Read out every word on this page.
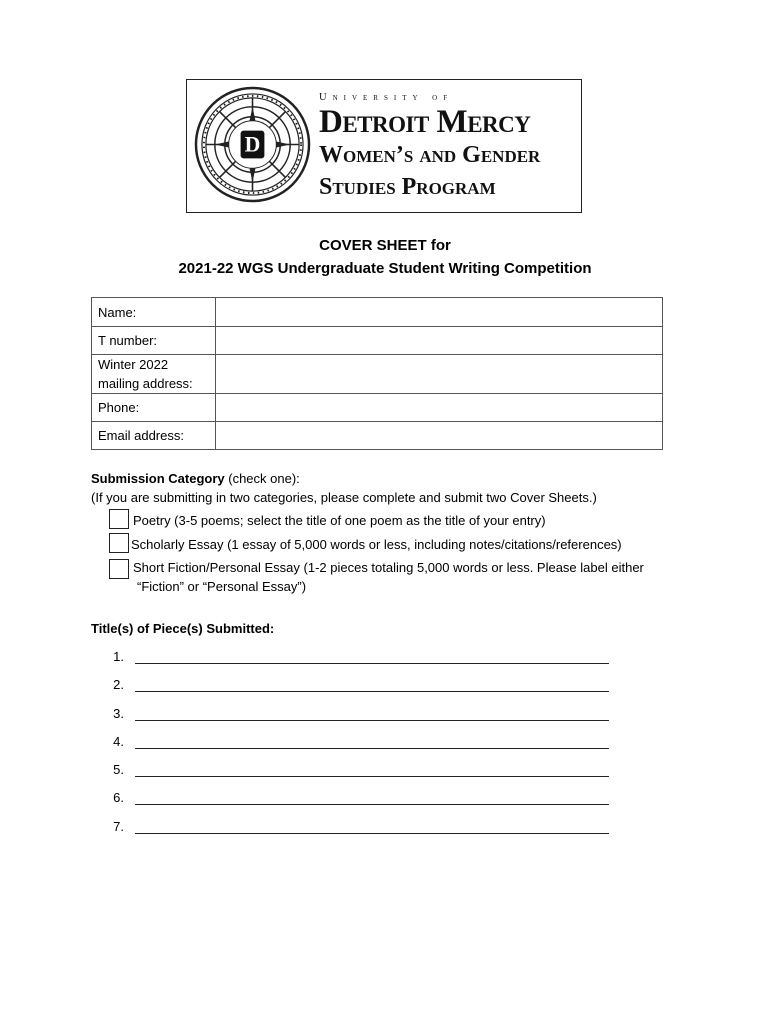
D
University of
Detroit Mercy
Women’s and Gender
Studies Program
COVER SHEET for
2021-22 WGS Undergraduate Student Writing Competition
Name:	
T number:	

Winter 2022
mailing address:	

Phone:	
Email address:	
Submission Category (check one):
(If you are submitting in two categories, please complete and submit two Cover Sheets.)
Poetry (3-5 poems; select the title of one poem as the title of your entry)
Scholarly Essay (1 essay of 5,000 words or less, including notes/citations/references)
Short Fiction/Personal Essay (1-2 pieces totaling 5,000 words or less. Please label either
“Fiction” or “Personal Essay”)
Title(s) of Piece(s) Submitted:
1.
2.
3.
4.
5.
6.
7.
